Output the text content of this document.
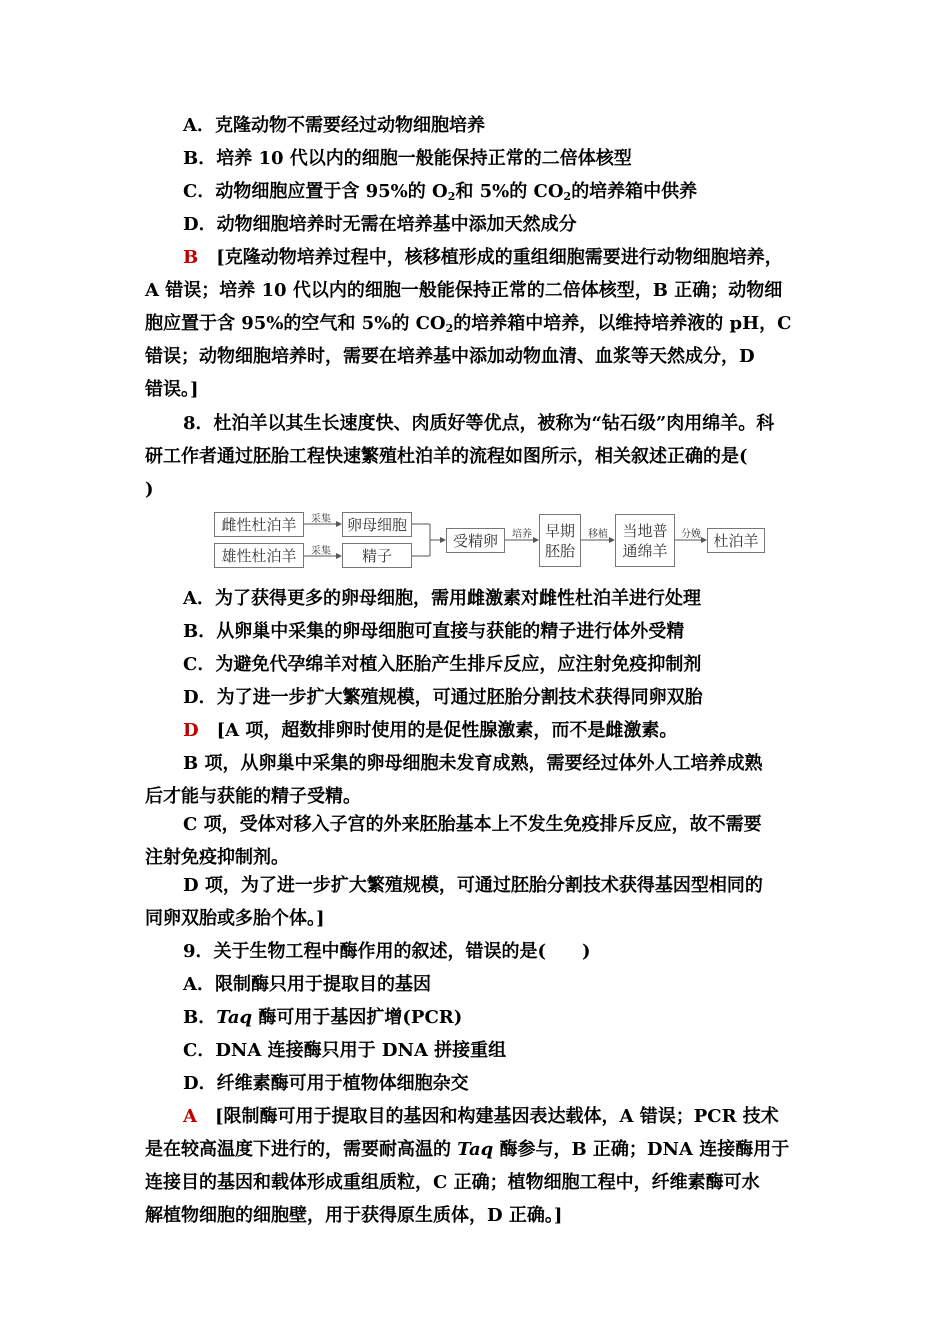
A．克隆动物不需要经过动物细胞培养
B．培养 10 代以内的细胞一般能保持正常的二倍体核型
C．动物细胞应置于含 95%的 $O_2$和 5%的 $CO_2$的培养箱中供养
D．动物细胞培养时无需在培养基中添加天然成分
B [克隆动物培养过程中，核移植形成的重组细胞需要进行动物细胞培养，
A 错误；培养 10 代以内的细胞一般能保持正常的二倍体核型，B 正确；动物细
胞应置于含 95%的空气和 5%的 $CO_2$的培养箱中培养，以维持培养液的 pH，C
错误；动物细胞培养时，需要在培养基中添加动物血清、血浆等天然成分，D
错误。]
8．杜泊羊以其生长速度快、肉质好等优点，被称为“钻石级”肉用绵羊。科
研工作者通过胚胎工程快速繁殖杜泊羊的流程如图所示，相关叙述正确的是(
)
雌性杜泊羊
雄性杜泊羊
采集
采集
卵母细胞
精子
受精卵	培养 早期
胚胎
移植 当地普
通绵羊
分娩 杜泊羊
A．为了获得更多的卵母细胞，需用雌激素对雌性杜泊羊进行处理
B．从卵巢中采集的卵母细胞可直接与获能的精子进行体外受精
C．为避免代孕绵羊对植入胚胎产生排斥反应，应注射免疫抑制剂
D．为了进一步扩大繁殖规模，可通过胚胎分割技术获得同卵双胎
D [A 项，超数排卵时使用的是促性腺激素，而不是雌激素。
B 项，从卵巢中采集的卵母细胞未发育成熟，需要经过体外人工培养成熟
后才能与获能的精子受精。
C 项，受体对移入子宫的外来胚胎基本上不发生免疫排斥反应，故不需要
注射免疫抑制剂。
D 项，为了进一步扩大繁殖规模，可通过胚胎分割技术获得基因型相同的
同卵双胎或多胎个体。]
9．关于生物工程中酶作用的叙述，错误的是(　　)
A．限制酶只用于提取目的基因
B．Taq 酶可用于基因扩增(PCR)
C．DNA 连接酶只用于 DNA 拼接重组
D．纤维素酶可用于植物体细胞杂交
A [限制酶可用于提取目的基因和构建基因表达载体，A 错误；PCR 技术
是在较高温度下进行的，需要耐高温的 Taq 酶参与，B 正确；DNA 连接酶用于
连接目的基因和载体形成重组质粒，C 正确；植物细胞工程中，纤维素酶可水
解植物细胞的细胞壁，用于获得原生质体，D 正确。]
